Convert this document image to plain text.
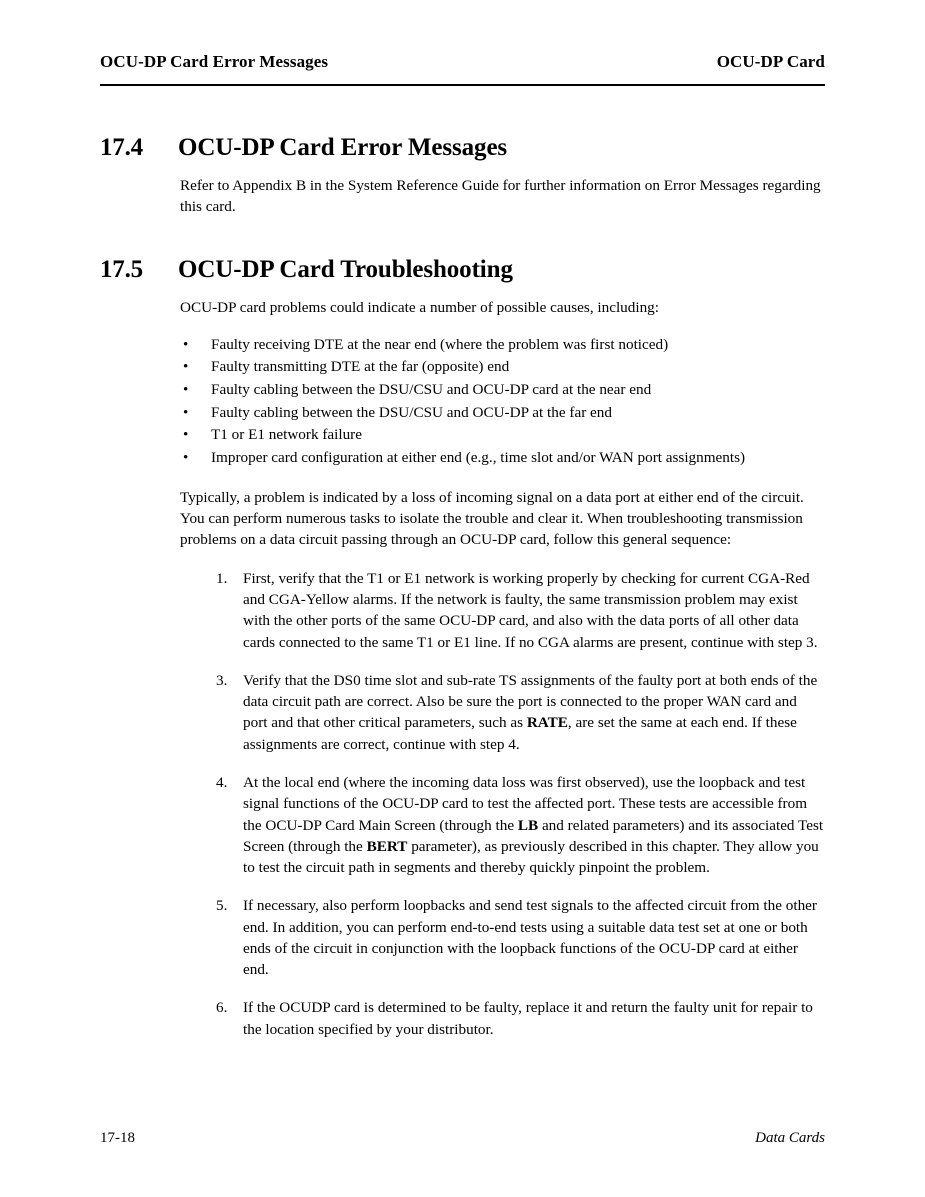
OCU-DP Card Error Messages	OCU-DP Card
17.4	OCU-DP Card Error Messages

Refer to Appendix B in the System Reference Guide for further information on Error Messages regarding this card.

17.5	OCU-DP Card Troubleshooting

OCU-DP card problems could indicate a number of possible causes, including:

• Faulty receiving DTE at the near end (where the problem was first noticed)
• Faulty transmitting DTE at the far (opposite) end
• Faulty cabling between the DSU/CSU and OCU-DP card at the near end
• Faulty cabling between the DSU/CSU and OCU-DP at the far end
• T1 or E1 network failure
• Improper card configuration at either end (e.g., time slot and/or WAN port assignments)

Typically, a problem is indicated by a loss of incoming signal on a data port at either end of the circuit. You can perform numerous tasks to isolate the trouble and clear it. When troubleshooting transmission problems on a data circuit passing through an OCU-DP card, follow this general sequence:

1. First, verify that the T1 or E1 network is working properly by checking for current CGA-Red and CGA-Yellow alarms. If the network is faulty, the same transmission problem may exist with the other ports of the same OCU-DP card, and also with the data ports of all other data cards connected to the same T1 or E1 line. If no CGA alarms are present, continue with step 3.
3. Verify that the DS0 time slot and sub-rate TS assignments of the faulty port at both ends of the data circuit path are correct. Also be sure the port is connected to the proper WAN card and port and that other critical parameters, such as RATE, are set the same at each end. If these assignments are correct, continue with step 4.
4. At the local end (where the incoming data loss was first observed), use the loopback and test signal functions of the OCU-DP card to test the affected port. These tests are accessible from the OCU-DP Card Main Screen (through the LB and related parameters) and its associated Test Screen (through the BERT parameter), as previously described in this chapter. They allow you to test the circuit path in segments and thereby quickly pinpoint the problem.
5. If necessary, also perform loopbacks and send test signals to the affected circuit from the other end. In addition, you can perform end-to-end tests using a suitable data test set at one or both ends of the circuit in conjunction with the loopback functions of the OCU-DP card at either end.
6. If the OCUDP card is determined to be faulty, replace it and return the faulty unit for repair to the location specified by your distributor.
17-18	Data Cards
